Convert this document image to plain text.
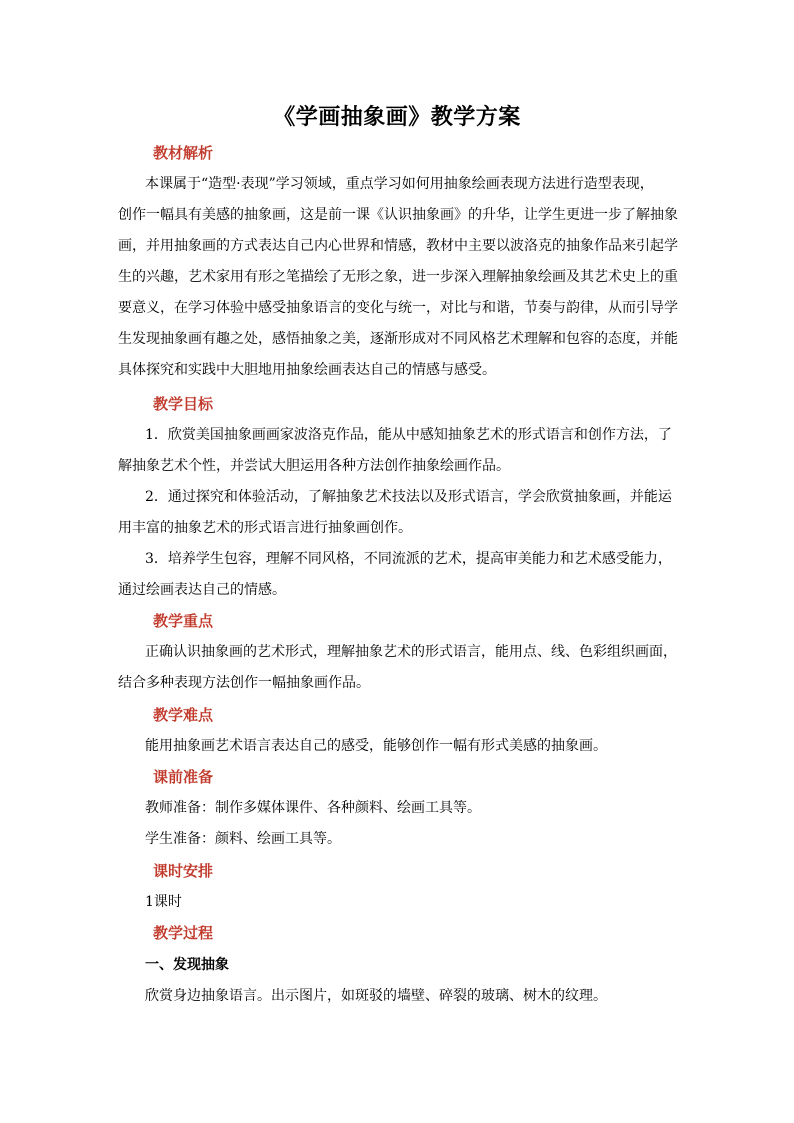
《学画抽象画》教学方案
教材解析
本课属于“造型·表现”学习领域，重点学习如何用抽象绘画表现方法进行造型表现，
创作一幅具有美感的抽象画，这是前一课《认识抽象画》的升华，让学生更进一步了解抽象
画，并用抽象画的方式表达自己内心世界和情感，教材中主要以波洛克的抽象作品来引起学
生的兴趣，艺术家用有形之笔描绘了无形之象，进一步深入理解抽象绘画及其艺术史上的重
要意义，在学习体验中感受抽象语言的变化与统一，对比与和谐，节奏与韵律，从而引导学
生发现抽象画有趣之处，感悟抽象之美，逐渐形成对不同风格艺术理解和包容的态度，并能
具体探究和实践中大胆地用抽象绘画表达自己的情感与感受。
教学目标
1．欣赏美国抽象画画家波洛克作品，能从中感知抽象艺术的形式语言和创作方法，了
解抽象艺术个性，并尝试大胆运用各种方法创作抽象绘画作品。
2．通过探究和体验活动，了解抽象艺术技法以及形式语言，学会欣赏抽象画，并能运
用丰富的抽象艺术的形式语言进行抽象画创作。
3．培养学生包容，理解不同风格，不同流派的艺术，提高审美能力和艺术感受能力，
通过绘画表达自己的情感。
教学重点
正确认识抽象画的艺术形式，理解抽象艺术的形式语言，能用点、线、色彩组织画面，
结合多种表现方法创作一幅抽象画作品。
教学难点
能用抽象画艺术语言表达自己的感受，能够创作一幅有形式美感的抽象画。
课前准备
教师准备：制作多媒体课件、各种颜料、绘画工具等。
学生准备：颜料、绘画工具等。
课时安排
1课时
教学过程
一、发现抽象
欣赏身边抽象语言。出示图片，如斑驳的墙壁、碎裂的玻璃、树木的纹理。
